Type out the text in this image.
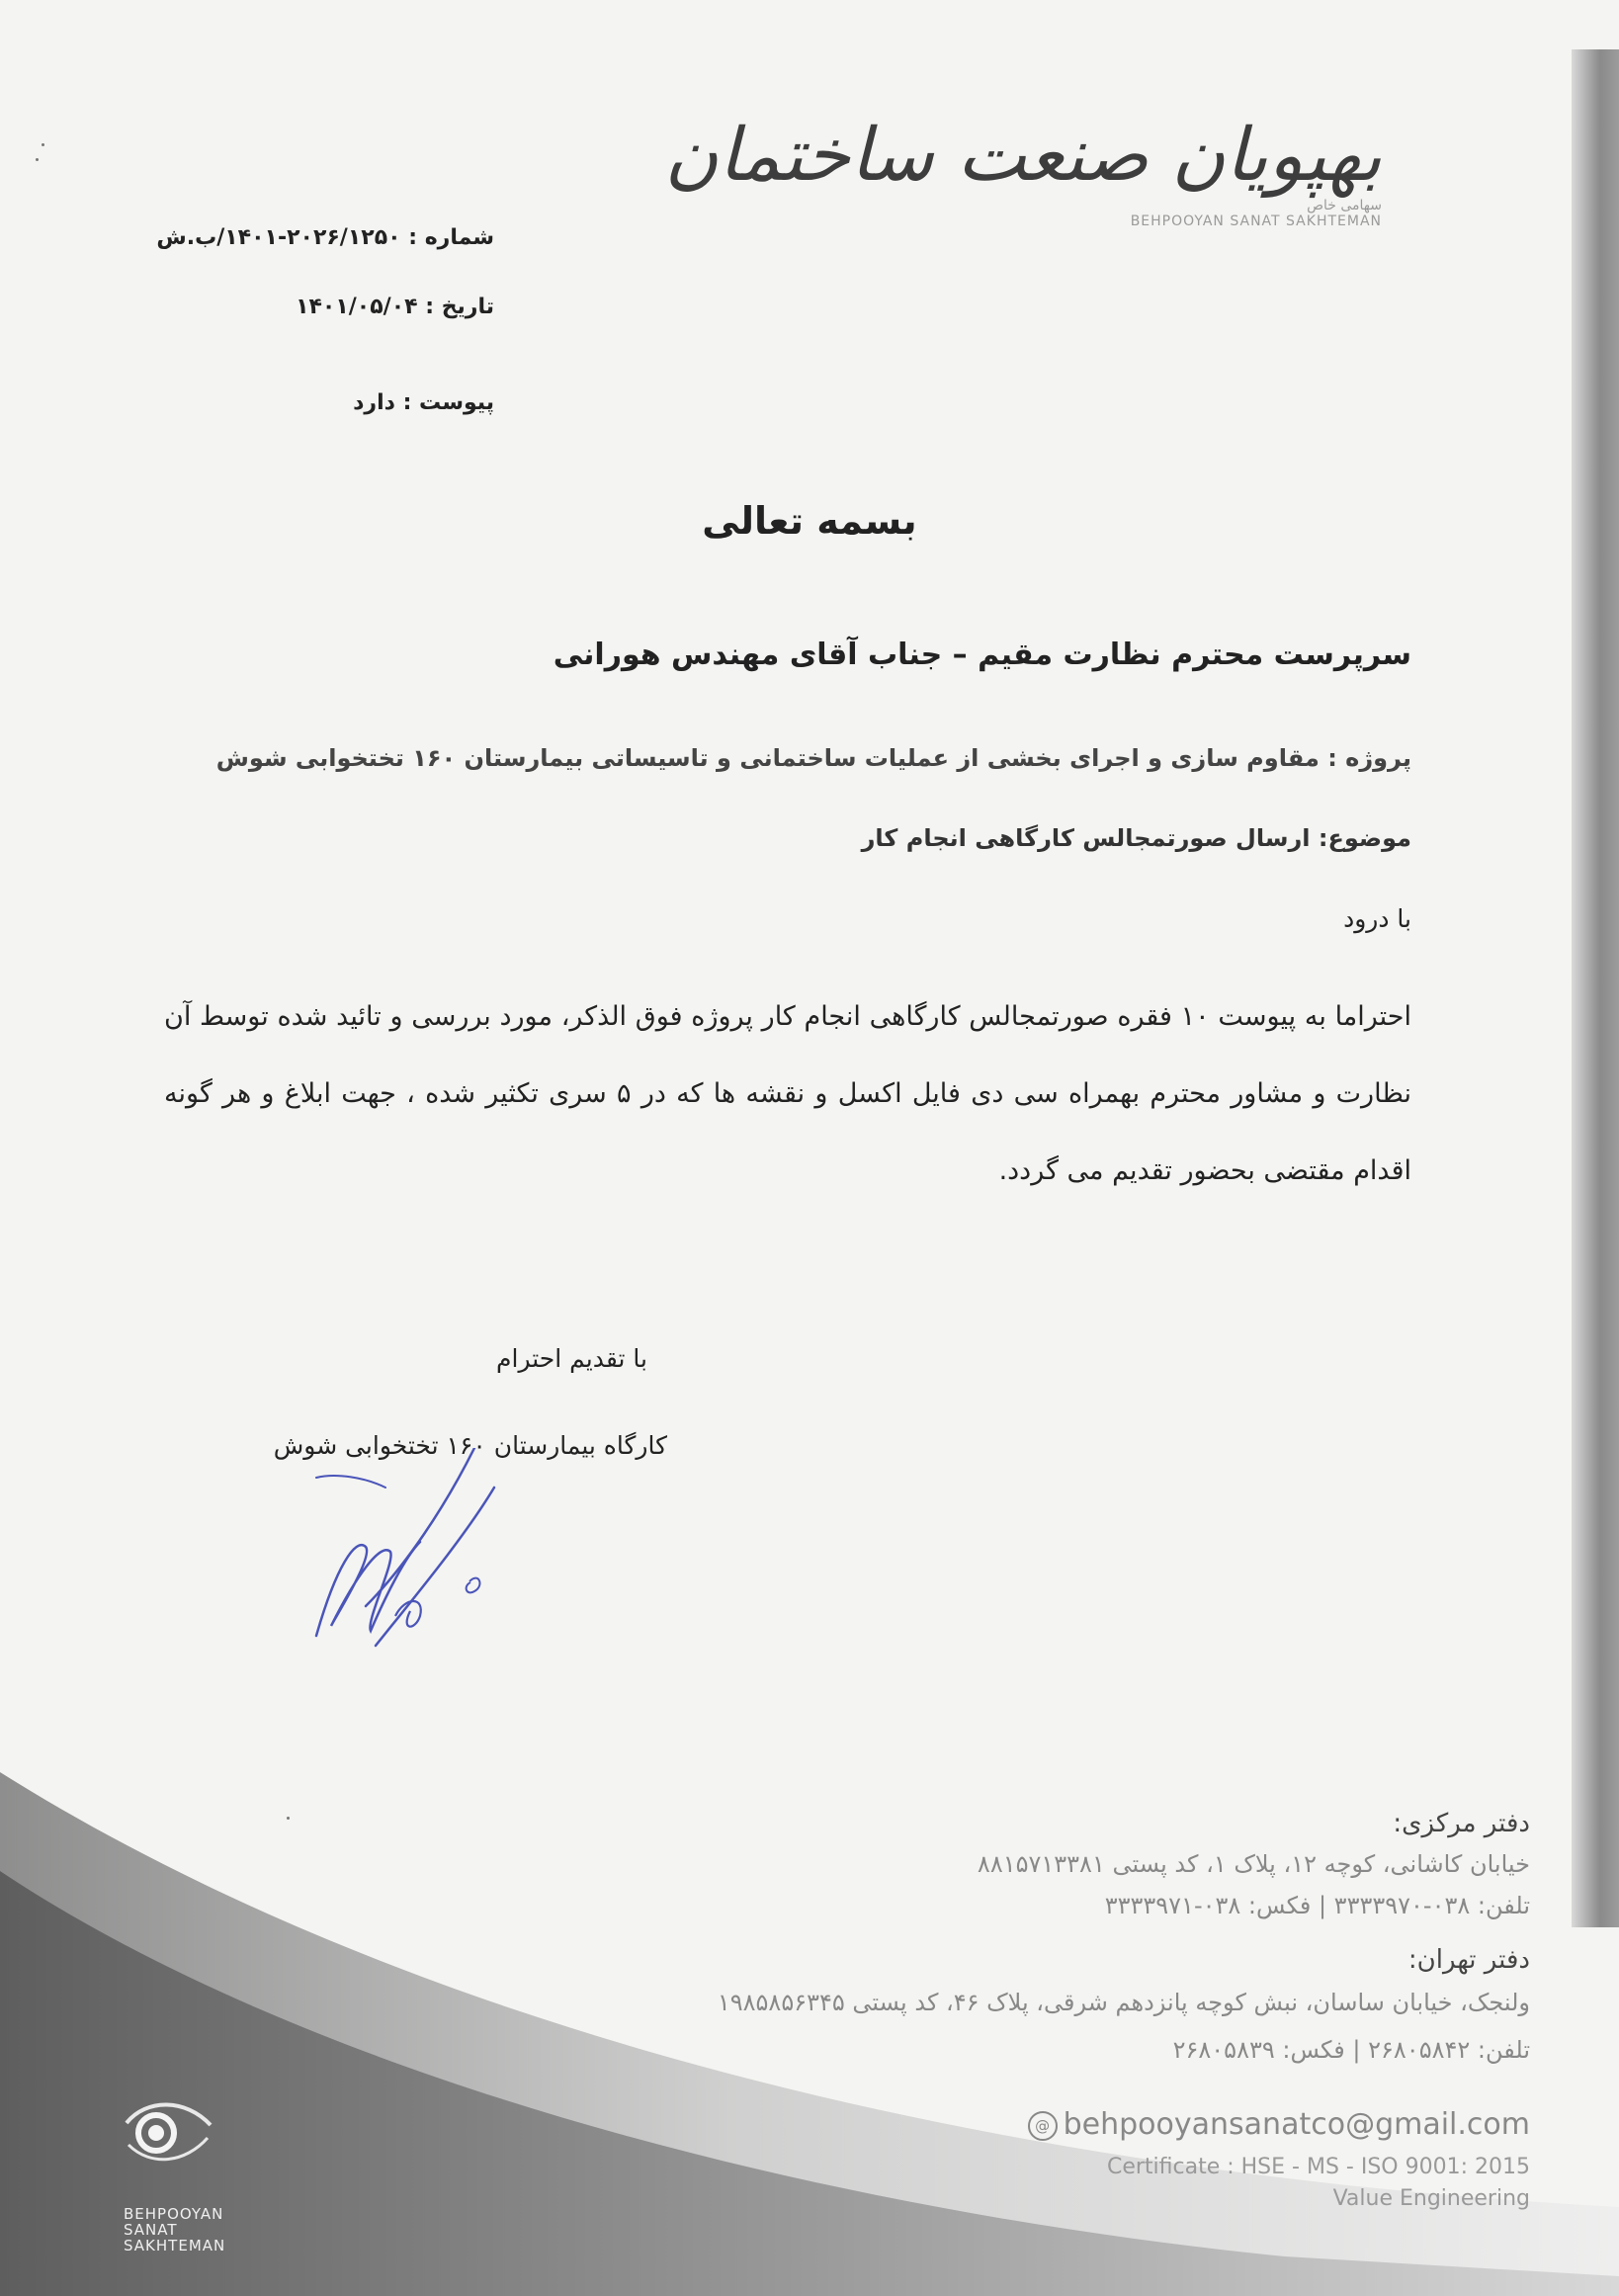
بهپویان صنعت ساختمان
سهامی خاص
BEHPOOYAN SANAT SAKHTEMAN
شماره : ۲۰۲۶/۱۲۵۰-۱۴۰۱/ب.ش
تاریخ : ۱۴۰۱/۰۵/۰۴
پیوست : دارد
بسمه تعالی
سرپرست محترم نظارت مقیم – جناب آقای مهندس هورانی
پروژه : مقاوم سازی و اجرای بخشی از عملیات ساختمانی و تاسیساتی بیمارستان ۱۶۰ تختخوابی شوش
موضوع: ارسال صورتمجالس کارگاهی انجام کار
با درود
احتراما به پیوست ۱۰ فقره صورتمجالس کارگاهی انجام کار پروژه فوق الذکر، مورد بررسی و تائید شده توسط آن نظارت و مشاور محترم بهمراه سی دی فایل اکسل و نقشه ها که در ۵ سری تکثیر شده ، جهت ابلاغ و هر گونه اقدام مقتضی بحضور تقدیم می گردد.
با تقدیم احترام
کارگاه بیمارستان ۱۶۰ تختخوابی شوش
دفتر مرکزی:
خیابان کاشانی، کوچه ۱۲، پلاک ۱، کد پستی ۸۸۱۵۷۱۳۳۸۱
تلفن: ۰۳۸-۳۳۳۳۹۷۰ | فکس: ۰۳۸-۳۳۳۳۹۷۱
دفتر تهران:
ولنجک، خیابان ساسان، نبش کوچه پانزدهم شرقی، پلاک ۴۶، کد پستی ۱۹۸۵۸۵۶۳۴۵
تلفن: ۲۶۸۰۵۸۴۲ | فکس: ۲۶۸۰۵۸۳۹
@ behpooyansanatco@gmail.com
Certificate : HSE - MS - ISO 9001: 2015
Value Engineering
BEHPOOYAN
SANAT
SAKHTEMAN
